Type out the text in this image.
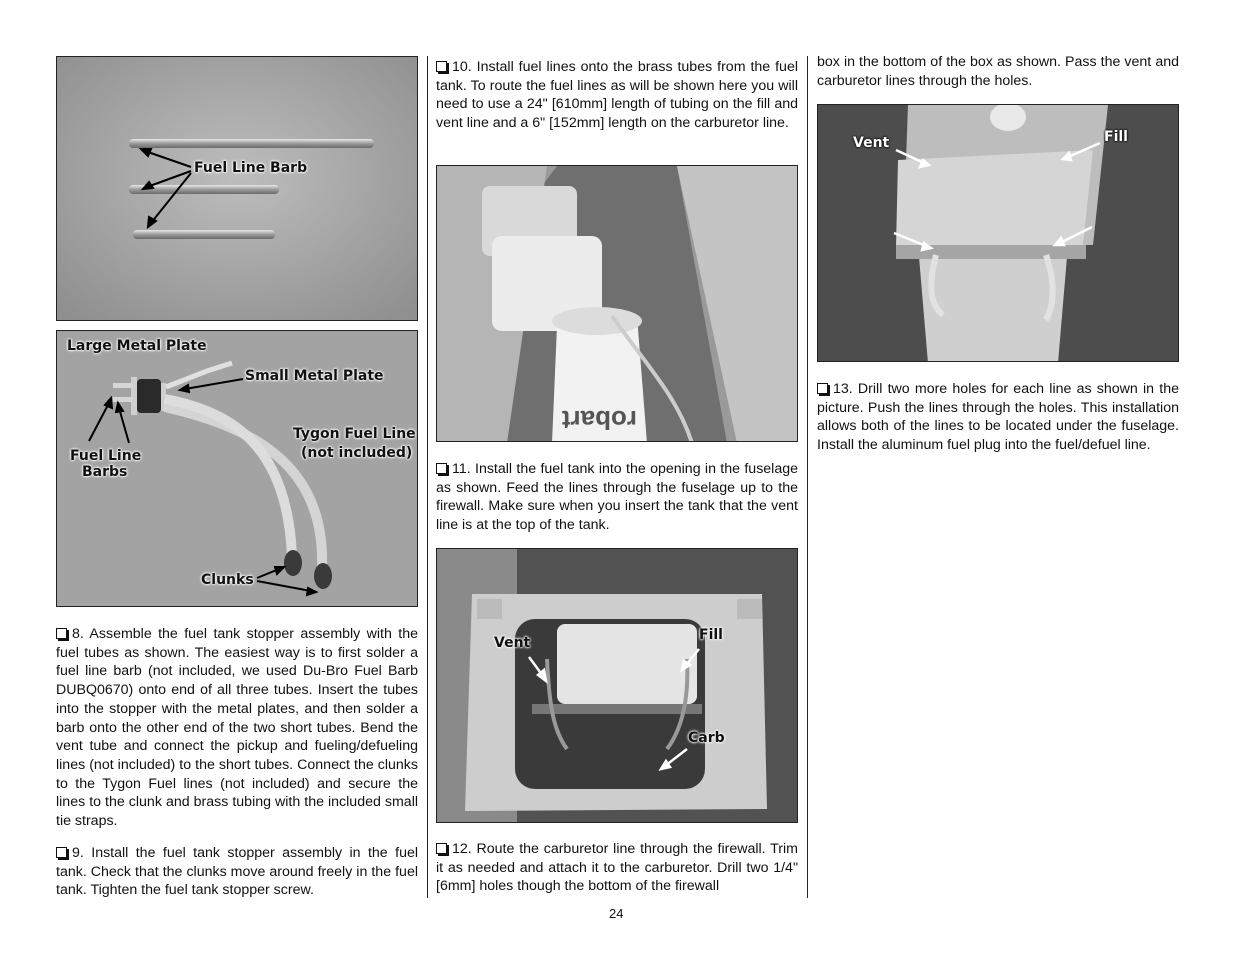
Fuel Line Barb
Large Metal Plate
Small Metal Plate
Tygon Fuel Line
(not included)
Fuel Line
Barbs
Clunks

8. Assemble the fuel tank stopper assembly with the fuel tubes as shown. The easiest way is to first solder a fuel line barb (not included, we used Du-Bro Fuel Barb DUBQ0670) onto end of all three tubes. Insert the tubes into the stopper with the metal plates, and then solder a barb onto the other end of the two short tubes. Bend the vent tube and connect the pickup and fueling/defueling lines (not included) to the short tubes. Connect the clunks to the Tygon Fuel lines (not included) and secure the lines to the clunk and brass tubing with the included small tie straps.

9. Install the fuel tank stopper assembly in the fuel tank. Check that the clunks move around freely in the fuel tank. Tighten the fuel tank stopper screw.

10. Install fuel lines onto the brass tubes from the fuel tank. To route the fuel lines as will be shown here you will need to use a 24" [610mm] length of tubing on the fill and vent line and a 6" [152mm] length on the carburetor line.

robart

11. Install the fuel tank into the opening in the fuselage as shown. Feed the lines through the fuselage up to the firewall. Make sure when you insert the tank that the vent line is at the top of the tank.

Vent	Fill
Carb

12. Route the carburetor line through the firewall. Trim it as needed and attach it to the carburetor. Drill two 1/4" [6mm] holes though the bottom of the firewall

box in the bottom of the box as shown. Pass the vent and carburetor lines through the holes.

Vent	Fill

13. Drill two more holes for each line as shown in the picture. Push the lines through the holes. This installation allows both of the lines to be located under the fuselage. Install the aluminum fuel plug into the fuel/defuel line.

24
